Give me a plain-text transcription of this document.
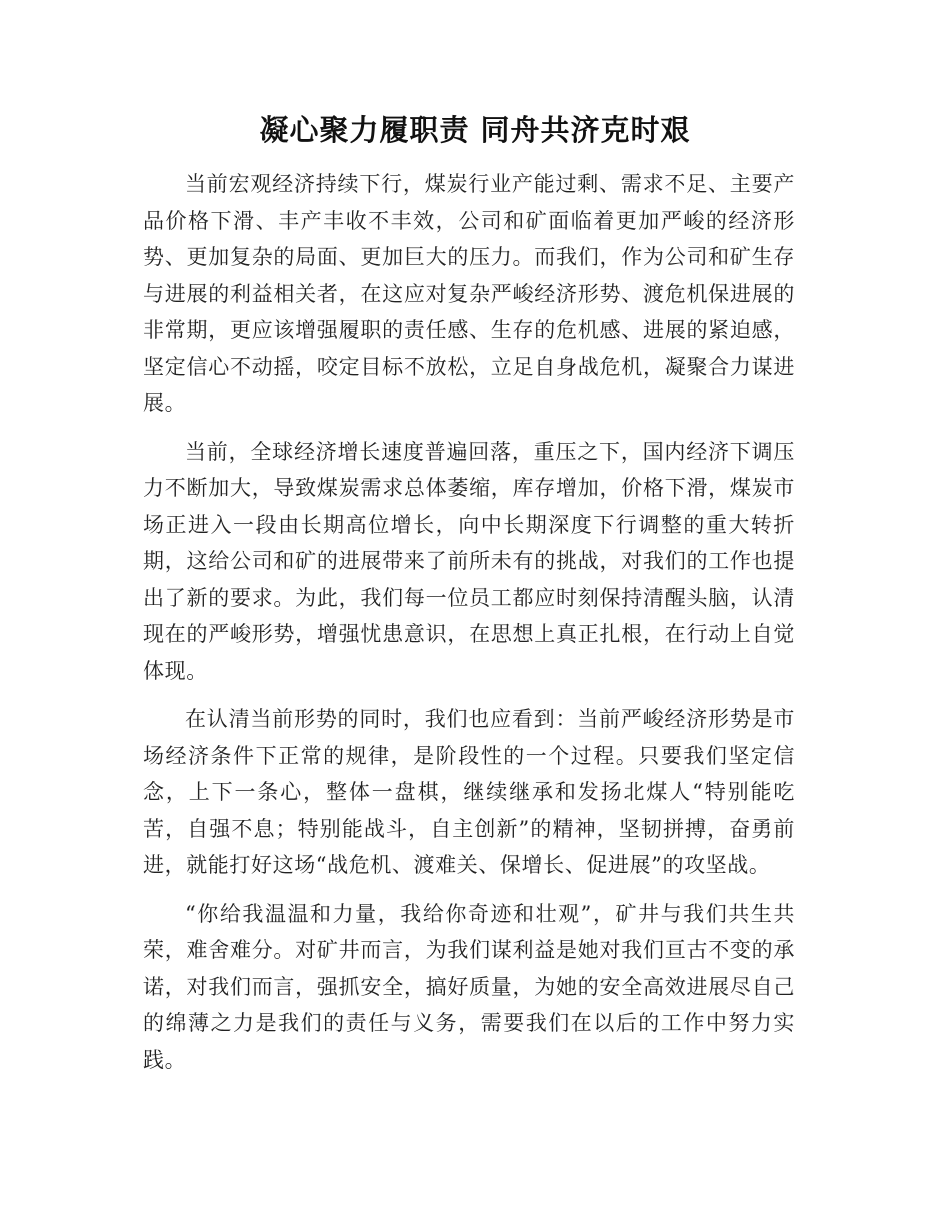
凝心聚力履职责 同舟共济克时艰

当前宏观经济持续下行，煤炭行业产能过剩、需求不足、主要产品价格下滑、丰产丰收不丰效，公司和矿面临着更加严峻的经济形势、更加复杂的局面、更加巨大的压力。而我们，作为公司和矿生存与进展的利益相关者，在这应对复杂严峻经济形势、渡危机保进展的非常期，更应该增强履职的责任感、生存的危机感、进展的紧迫感，坚定信心不动摇，咬定目标不放松，立足自身战危机，凝聚合力谋进展。

当前，全球经济增长速度普遍回落，重压之下，国内经济下调压力不断加大，导致煤炭需求总体萎缩，库存增加，价格下滑，煤炭市场正进入一段由长期高位增长，向中长期深度下行调整的重大转折期，这给公司和矿的进展带来了前所未有的挑战，对我们的工作也提出了新的要求。为此，我们每一位员工都应时刻保持清醒头脑，认清现在的严峻形势，增强忧患意识，在思想上真正扎根，在行动上自觉体现。

在认清当前形势的同时，我们也应看到：当前严峻经济形势是市场经济条件下正常的规律，是阶段性的一个过程。只要我们坚定信念，上下一条心，整体一盘棋，继续继承和发扬北煤人“特别能吃苦，自强不息；特别能战斗，自主创新”的精神，坚韧拼搏，奋勇前进，就能打好这场“战危机、渡难关、保增长、促进展”的攻坚战。

“你给我温温和力量，我给你奇迹和壮观”，矿井与我们共生共荣，难舍难分。对矿井而言，为我们谋利益是她对我们亘古不变的承诺，对我们而言，强抓安全，搞好质量，为她的安全高效进展尽自己的绵薄之力是我们的责任与义务，需要我们在以后的工作中努力实践。
